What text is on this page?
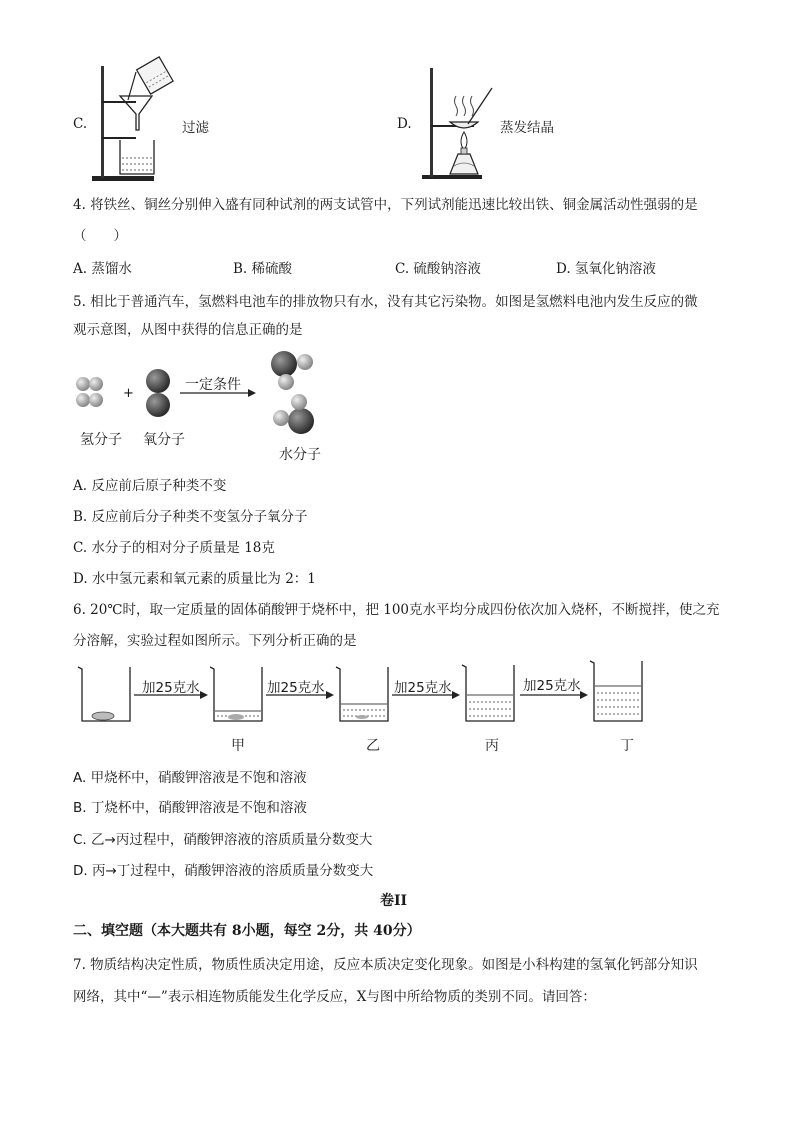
C.	过滤	D.	蒸发结晶
4. 将铁丝、铜丝分别伸入盛有同种试剂的两支试管中，下列试剂能迅速比较出铁、铜金属活动性强弱的是
（　　）
A. 蒸馏水	B. 稀硫酸	C. 硫酸钠溶液	D. 氢氧化钠溶液
5. 相比于普通汽车，氢燃料电池车的排放物只有水，没有其它污染物。如图是氢燃料电池内发生反应的微
观示意图，从图中获得的信息正确的是
+
一定条件
氢分子 氧分子
水分子
A. 反应前后原子种类不变
B. 反应前后分子种类不变氢分子氧分子
C. 水分子的相对分子质量是 18克
D. 水中氢元素和氧元素的质量比为 2：1
6. 20℃时，取一定质量的固体硝酸钾于烧杯中，把 100克水平均分成四份依次加入烧杯，不断搅拌，使之充
分溶解，实验过程如图所示。下列分析正确的是
加25克水	加25克水	加25克水	加25克水
甲	乙	丙	丁
A. 甲烧杯中，硝酸钾溶液是不饱和溶液
B. 丁烧杯中，硝酸钾溶液是不饱和溶液
C. 乙→丙过程中，硝酸钾溶液的溶质质量分数变大
D. 丙→丁过程中，硝酸钾溶液的溶质质量分数变大
卷II
二、填空题（本大题共有 8小题，每空 2分，共 40分）
7. 物质结构决定性质，物质性质决定用途，反应本质决定变化现象。如图是小科构建的氢氧化钙部分知识
网络，其中“—”表示相连物质能发生化学反应，X与图中所给物质的类别不同。请回答：
